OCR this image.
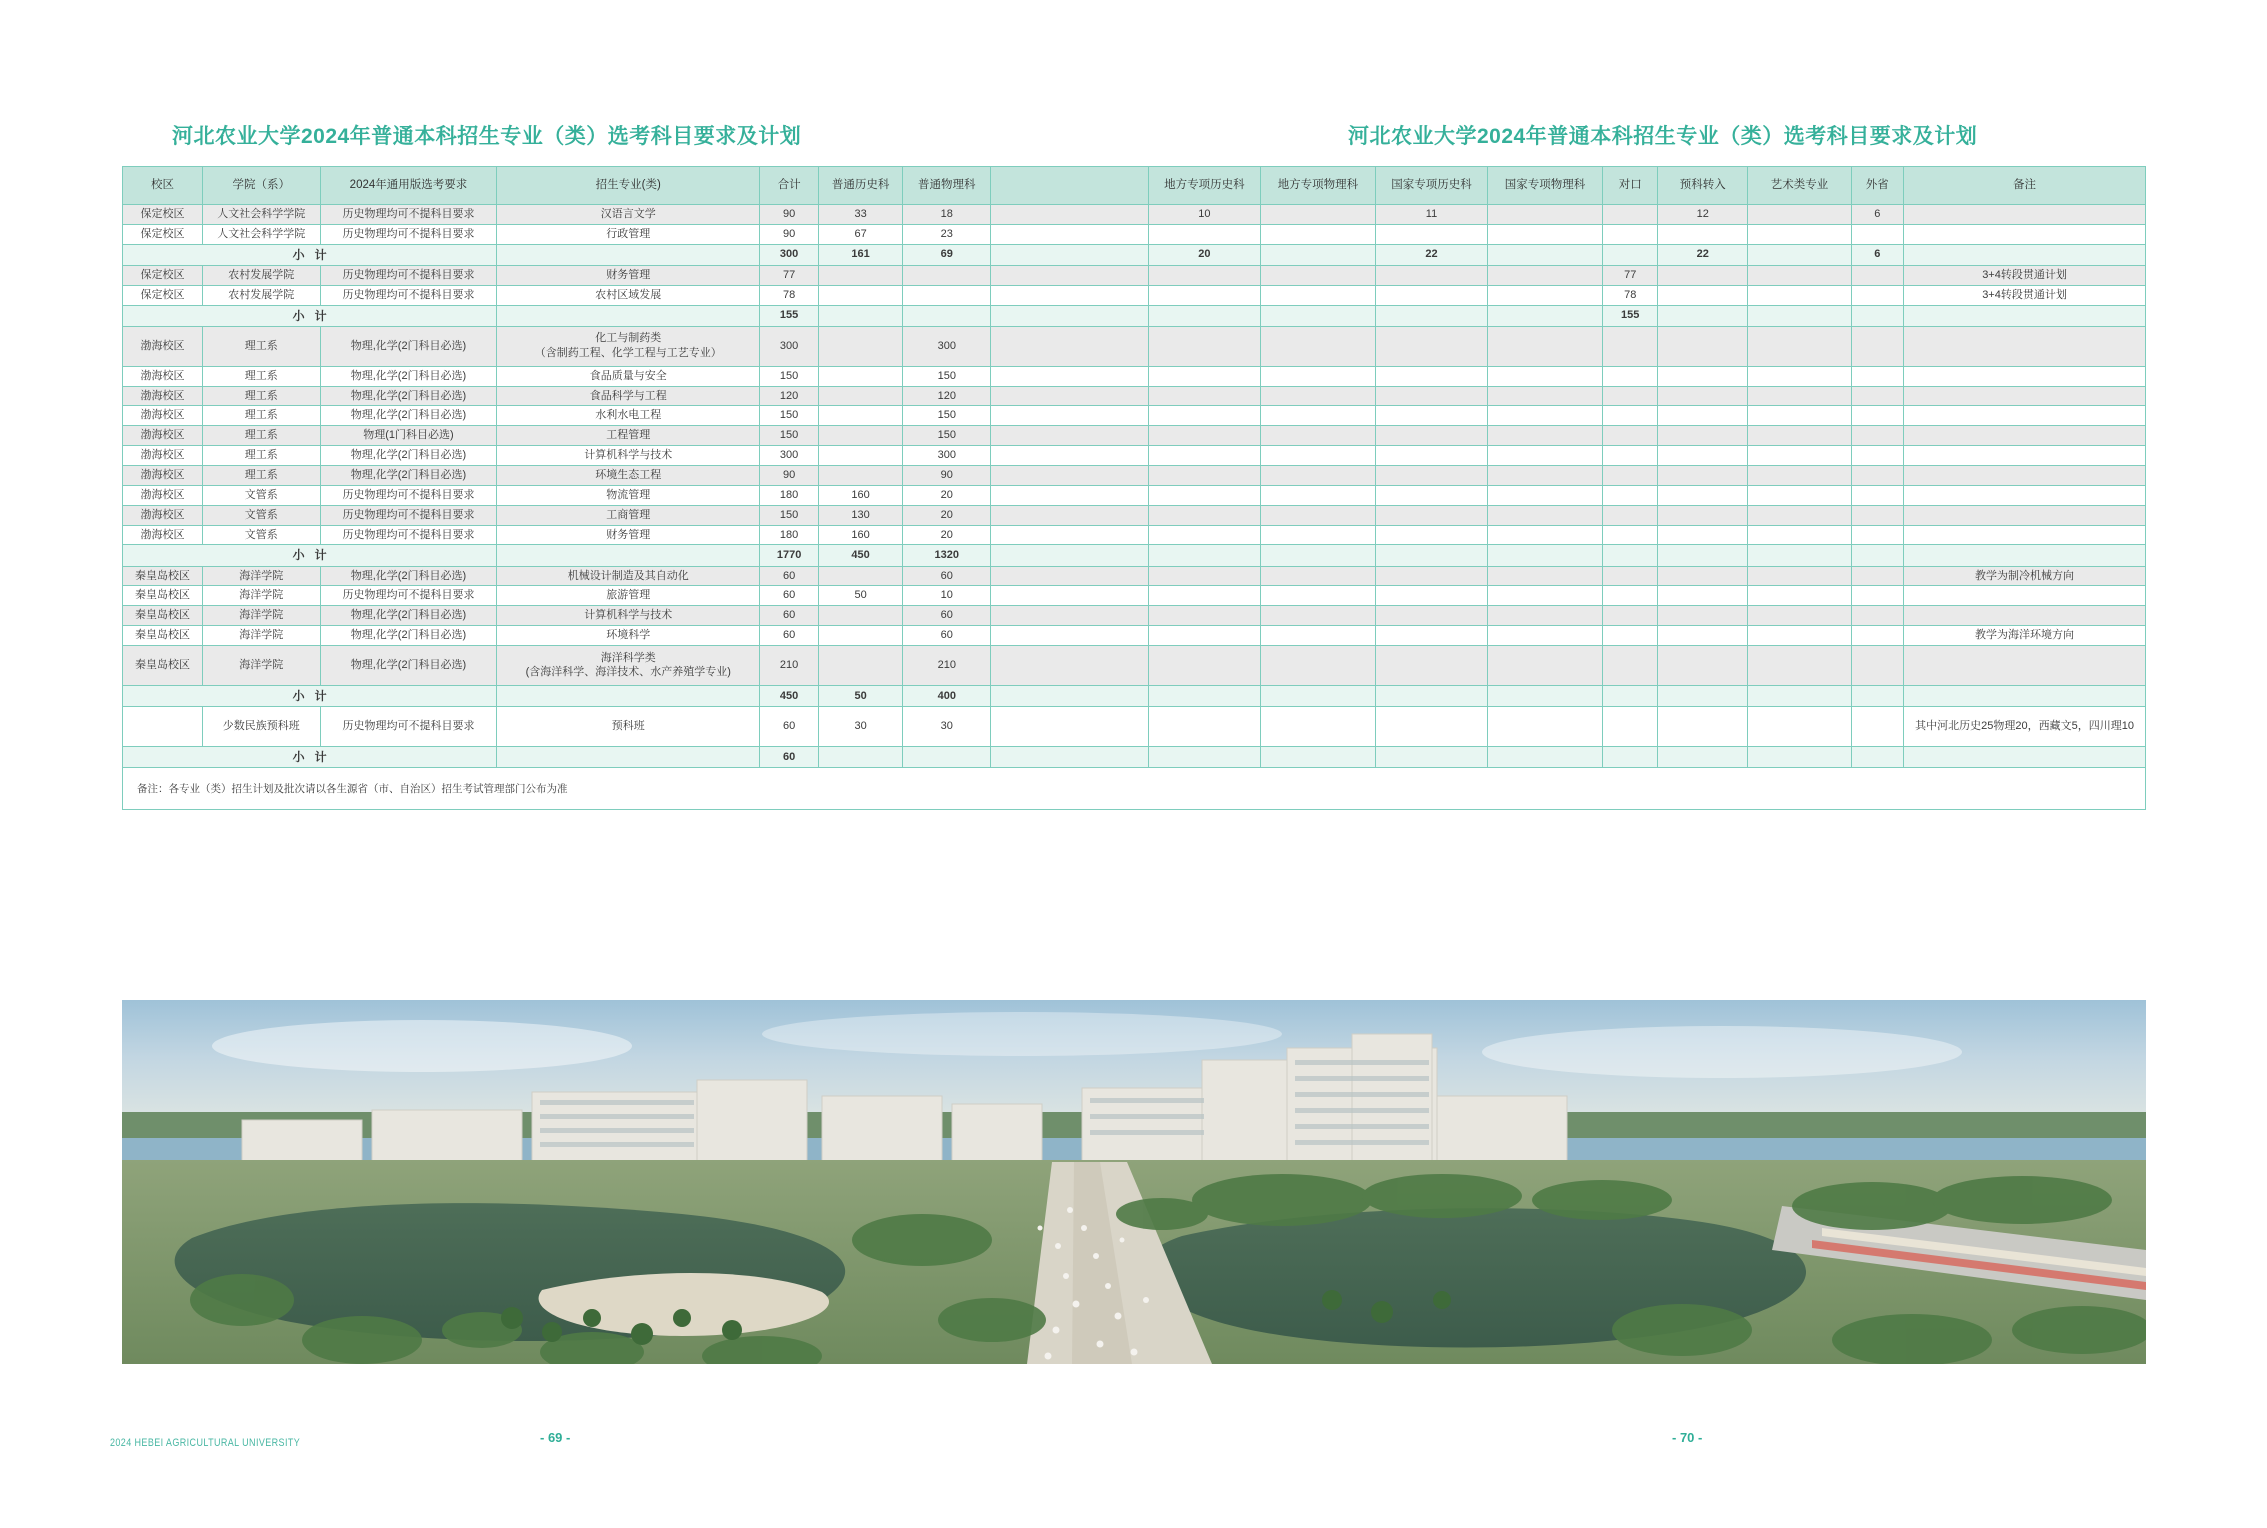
河北农业大学2024年普通本科招生专业（类）选考科目要求及计划	河北农业大学2024年普通本科招生专业（类）选考科目要求及计划
校区	学院（系）	2024年通用版选考要求	招生专业(类)	合计	普通历史科	普通物理科		地方专项历史科	地方专项物理科	国家专项历史科	国家专项物理科	对口	预科转入	艺术类专业	外省	备注
保定校区	人文社会科学学院	历史物理均可不提科目要求	汉语言文学	90	33	18		10		11			12		6	
保定校区	人文社会科学学院	历史物理均可不提科目要求	行政管理	90	67	23										
小计				300	161	69		20		22			22		6	
保定校区	农村发展学院	历史物理均可不提科目要求	财务管理	77								77				3+4转段贯通计划
保定校区	农村发展学院	历史物理均可不提科目要求	农村区域发展	78								78				3+4转段贯通计划
小计				155								155				
渤海校区	理工系	物理,化学(2门科目必选)	化工与制药类
（含制药工程、化学工程与工艺专业）	300		300										
渤海校区	理工系	物理,化学(2门科目必选)	食品质量与安全	150		150										
渤海校区	理工系	物理,化学(2门科目必选)	食品科学与工程	120		120										
渤海校区	理工系	物理,化学(2门科目必选)	水利水电工程	150		150										
渤海校区	理工系	物理(1门科目必选)	工程管理	150		150										
渤海校区	理工系	物理,化学(2门科目必选)	计算机科学与技术	300		300										
渤海校区	理工系	物理,化学(2门科目必选)	环境生态工程	90		90										
渤海校区	文管系	历史物理均可不提科目要求	物流管理	180	160	20										
渤海校区	文管系	历史物理均可不提科目要求	工商管理	150	130	20										
渤海校区	文管系	历史物理均可不提科目要求	财务管理	180	160	20										
小计				1770	450	1320										
秦皇岛校区	海洋学院	物理,化学(2门科目必选)	机械设计制造及其自动化	60		60										教学为制冷机械方向
秦皇岛校区	海洋学院	历史物理均可不提科目要求	旅游管理	60	50	10										
秦皇岛校区	海洋学院	物理,化学(2门科目必选)	计算机科学与技术	60		60										
秦皇岛校区	海洋学院	物理,化学(2门科目必选)	环境科学	60		60										教学为海洋环境方向
秦皇岛校区	海洋学院	物理,化学(2门科目必选)	海洋科学类
(含海洋科学、海洋技术、水产养殖学专业)	210		210										
小计				450	50	400										
	少数民族预科班	历史物理均可不提科目要求	预科班	60	30	30										其中河北历史25物理20，西藏文5，四川理10
小计				60												
备注：各专业（类）招生计划及批次请以各生源省（市、自治区）招生考试管理部门公布为准																
2024 HEBEI AGRICULTURAL UNIVERSITY	- 69 -	- 70 -
